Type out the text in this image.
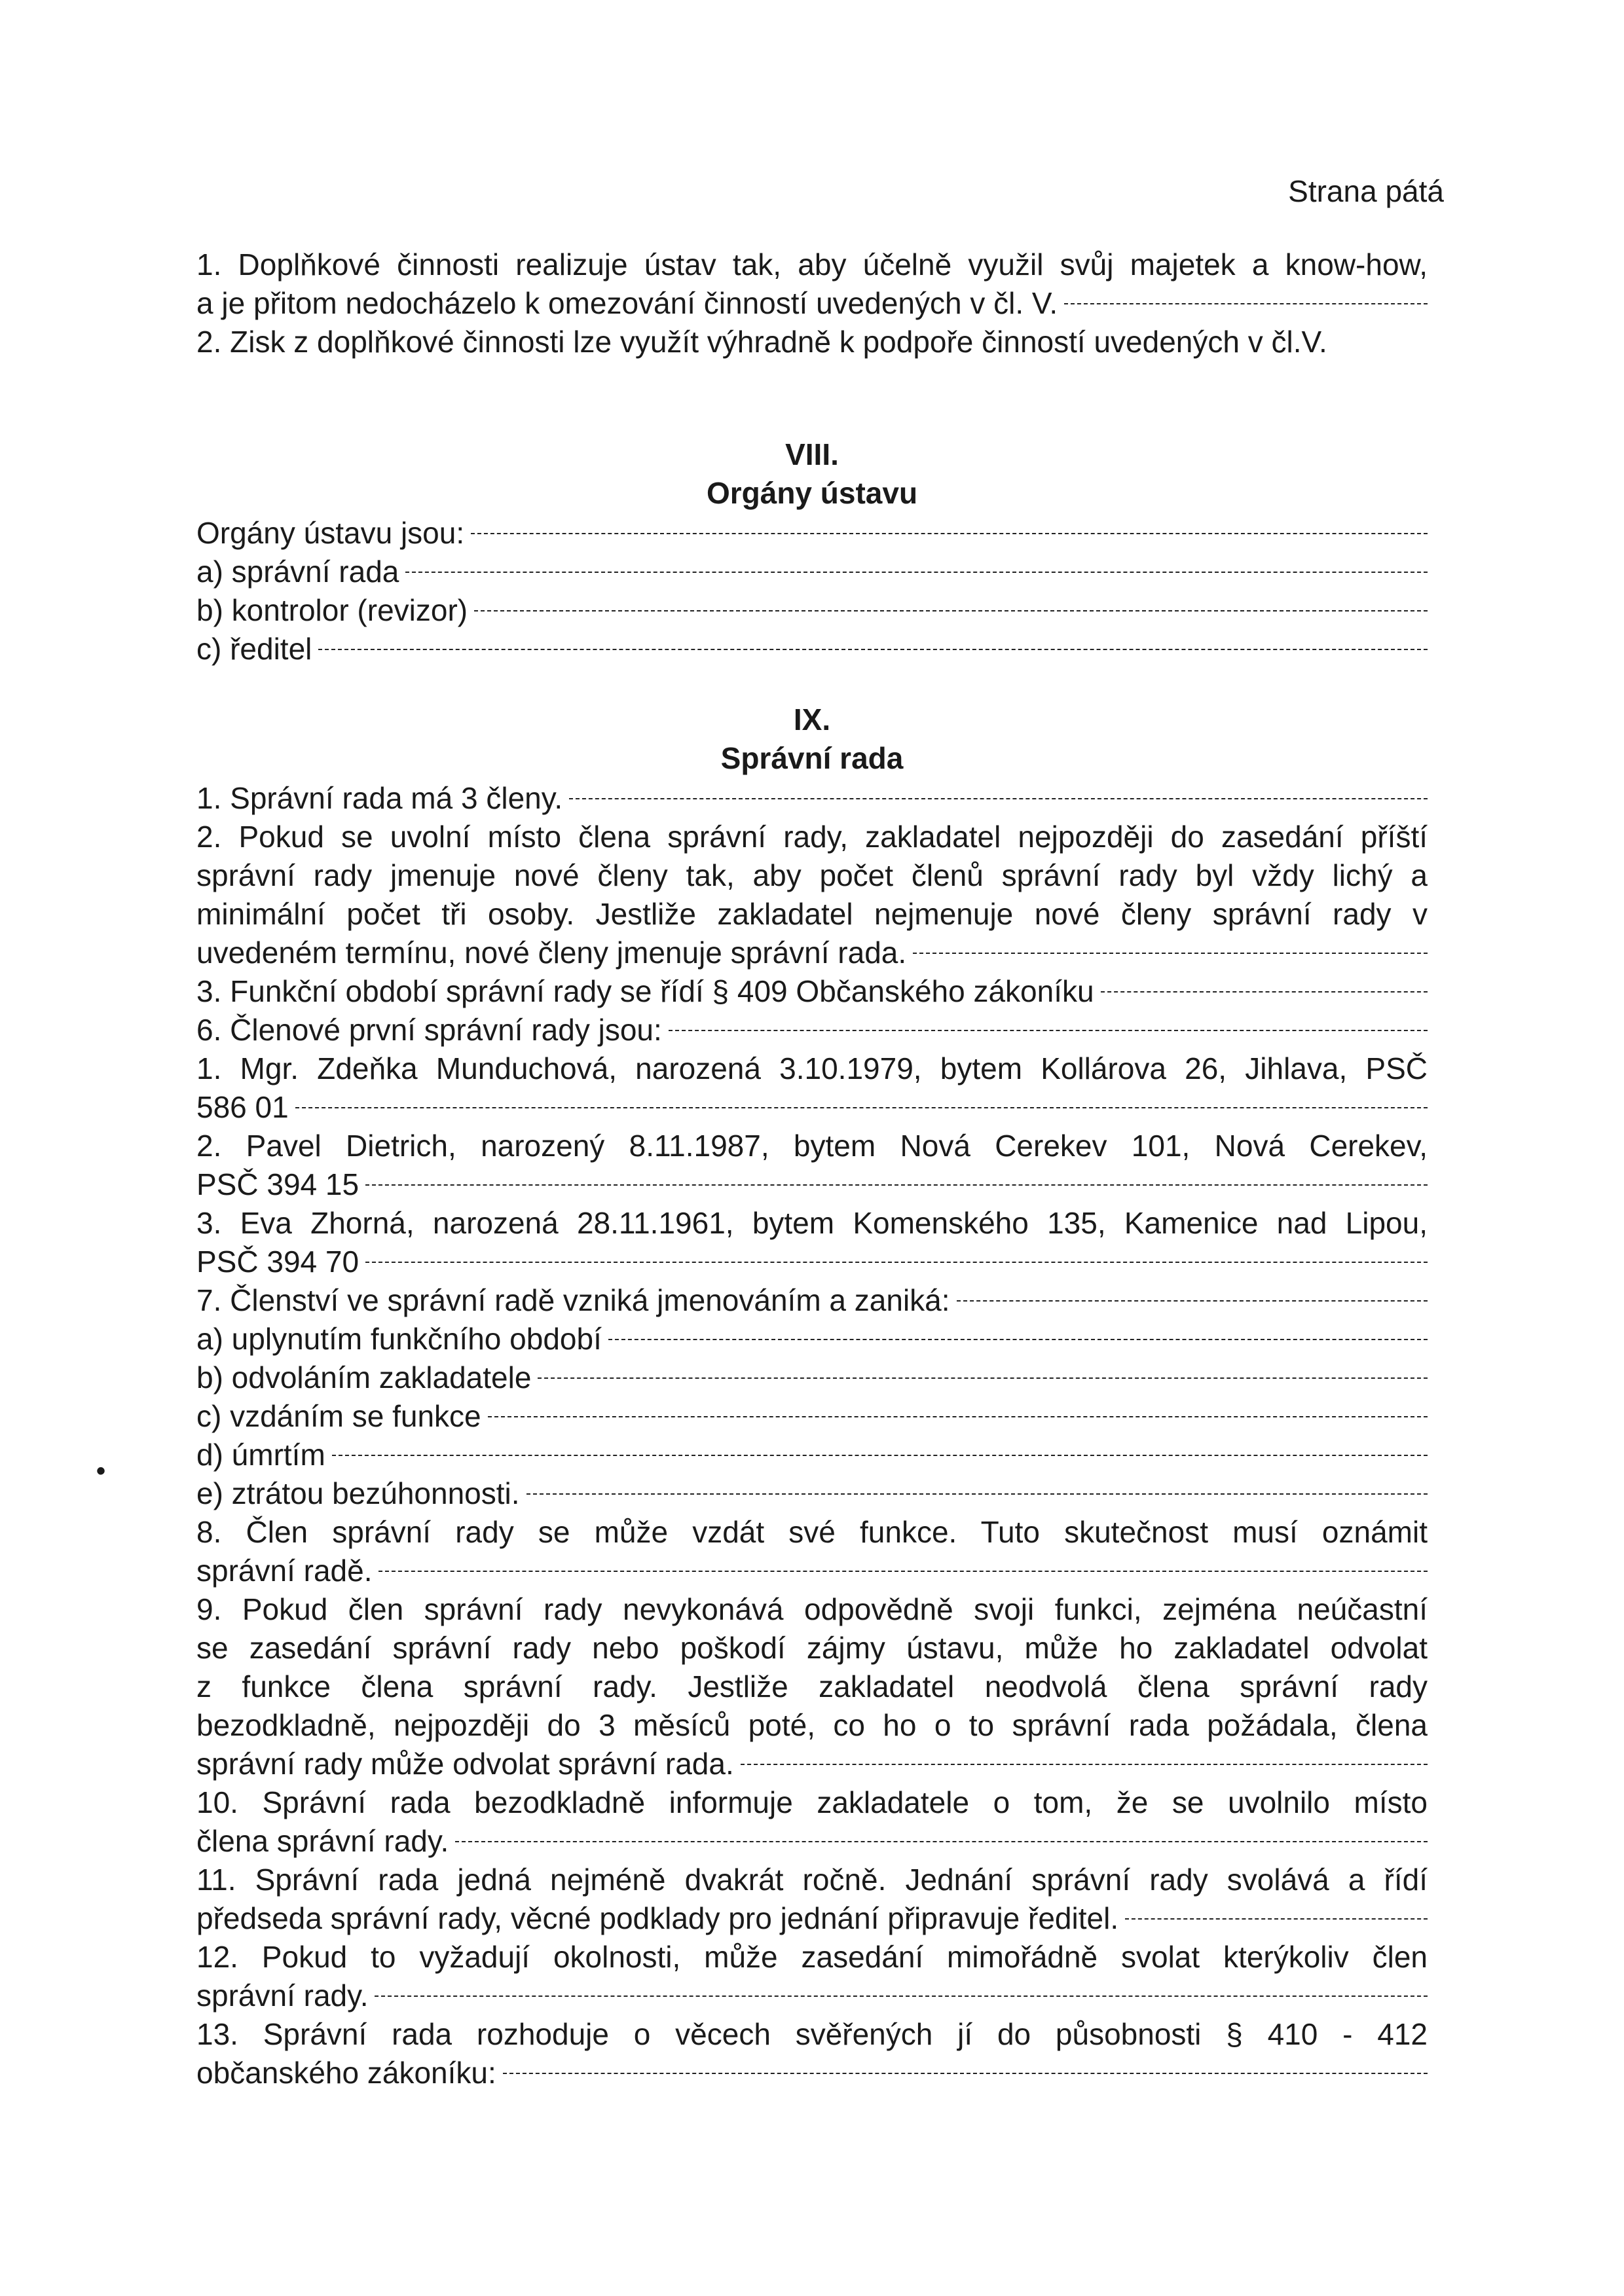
Strana pátá
1. Doplňkové činnosti realizuje ústav tak, aby účelně využil svůj majetek a know-how,
a je přitom nedocházelo k omezování činností uvedených v čl. V.
2. Zisk z doplňkové činnosti lze využít výhradně k podpoře činností uvedených v čl.V.
VIII.
Orgány ústavu
Orgány ústavu jsou:
a) správní rada
b) kontrolor (revizor)
c) ředitel
IX.
Správní rada
1. Správní rada má 3 členy.
2. Pokud se uvolní místo člena správní rady, zakladatel nejpozději do zasedání příští
správní rady jmenuje nové členy tak, aby počet členů správní rady byl vždy lichý a
minimální počet tři osoby. Jestliže zakladatel nejmenuje nové členy správní rady v
uvedeném termínu, nové členy jmenuje správní rada.
3. Funkční období správní rady se řídí § 409 Občanského zákoníku
6. Členové první správní rady jsou:
1. Mgr. Zdeňka Munduchová, narozená 3.10.1979, bytem Kollárova 26, Jihlava, PSČ
586 01
2. Pavel Dietrich, narozený 8.11.1987, bytem Nová Cerekev 101, Nová Cerekev,
PSČ 394 15
3. Eva Zhorná, narozená 28.11.1961, bytem Komenského 135, Kamenice nad Lipou,
PSČ 394 70
7. Členství ve správní radě vzniká jmenováním a zaniká:
a) uplynutím funkčního období
b) odvoláním zakladatele
c) vzdáním se funkce
d) úmrtím
e) ztrátou bezúhonnosti.
8. Člen správní rady se může vzdát své funkce. Tuto skutečnost musí oznámit
správní radě.
9. Pokud člen správní rady nevykonává odpovědně svoji funkci, zejména neúčastní
se zasedání správní rady nebo poškodí zájmy ústavu, může ho zakladatel odvolat
z funkce člena správní rady. Jestliže zakladatel neodvolá člena správní rady
bezodkladně, nejpozději do 3 měsíců poté, co ho o to správní rada požádala, člena
správní rady může odvolat správní rada.
10. Správní rada bezodkladně informuje zakladatele o tom, že se uvolnilo místo
člena správní rady.
11. Správní rada jedná nejméně dvakrát ročně. Jednání správní rady svolává a řídí
předseda správní rady, věcné podklady pro jednání připravuje ředitel.
12. Pokud to vyžadují okolnosti, může zasedání mimořádně svolat kterýkoliv člen
správní rady.
13. Správní rada rozhoduje o věcech svěřených jí do působnosti § 410 - 412
občanského zákoníku:
•
